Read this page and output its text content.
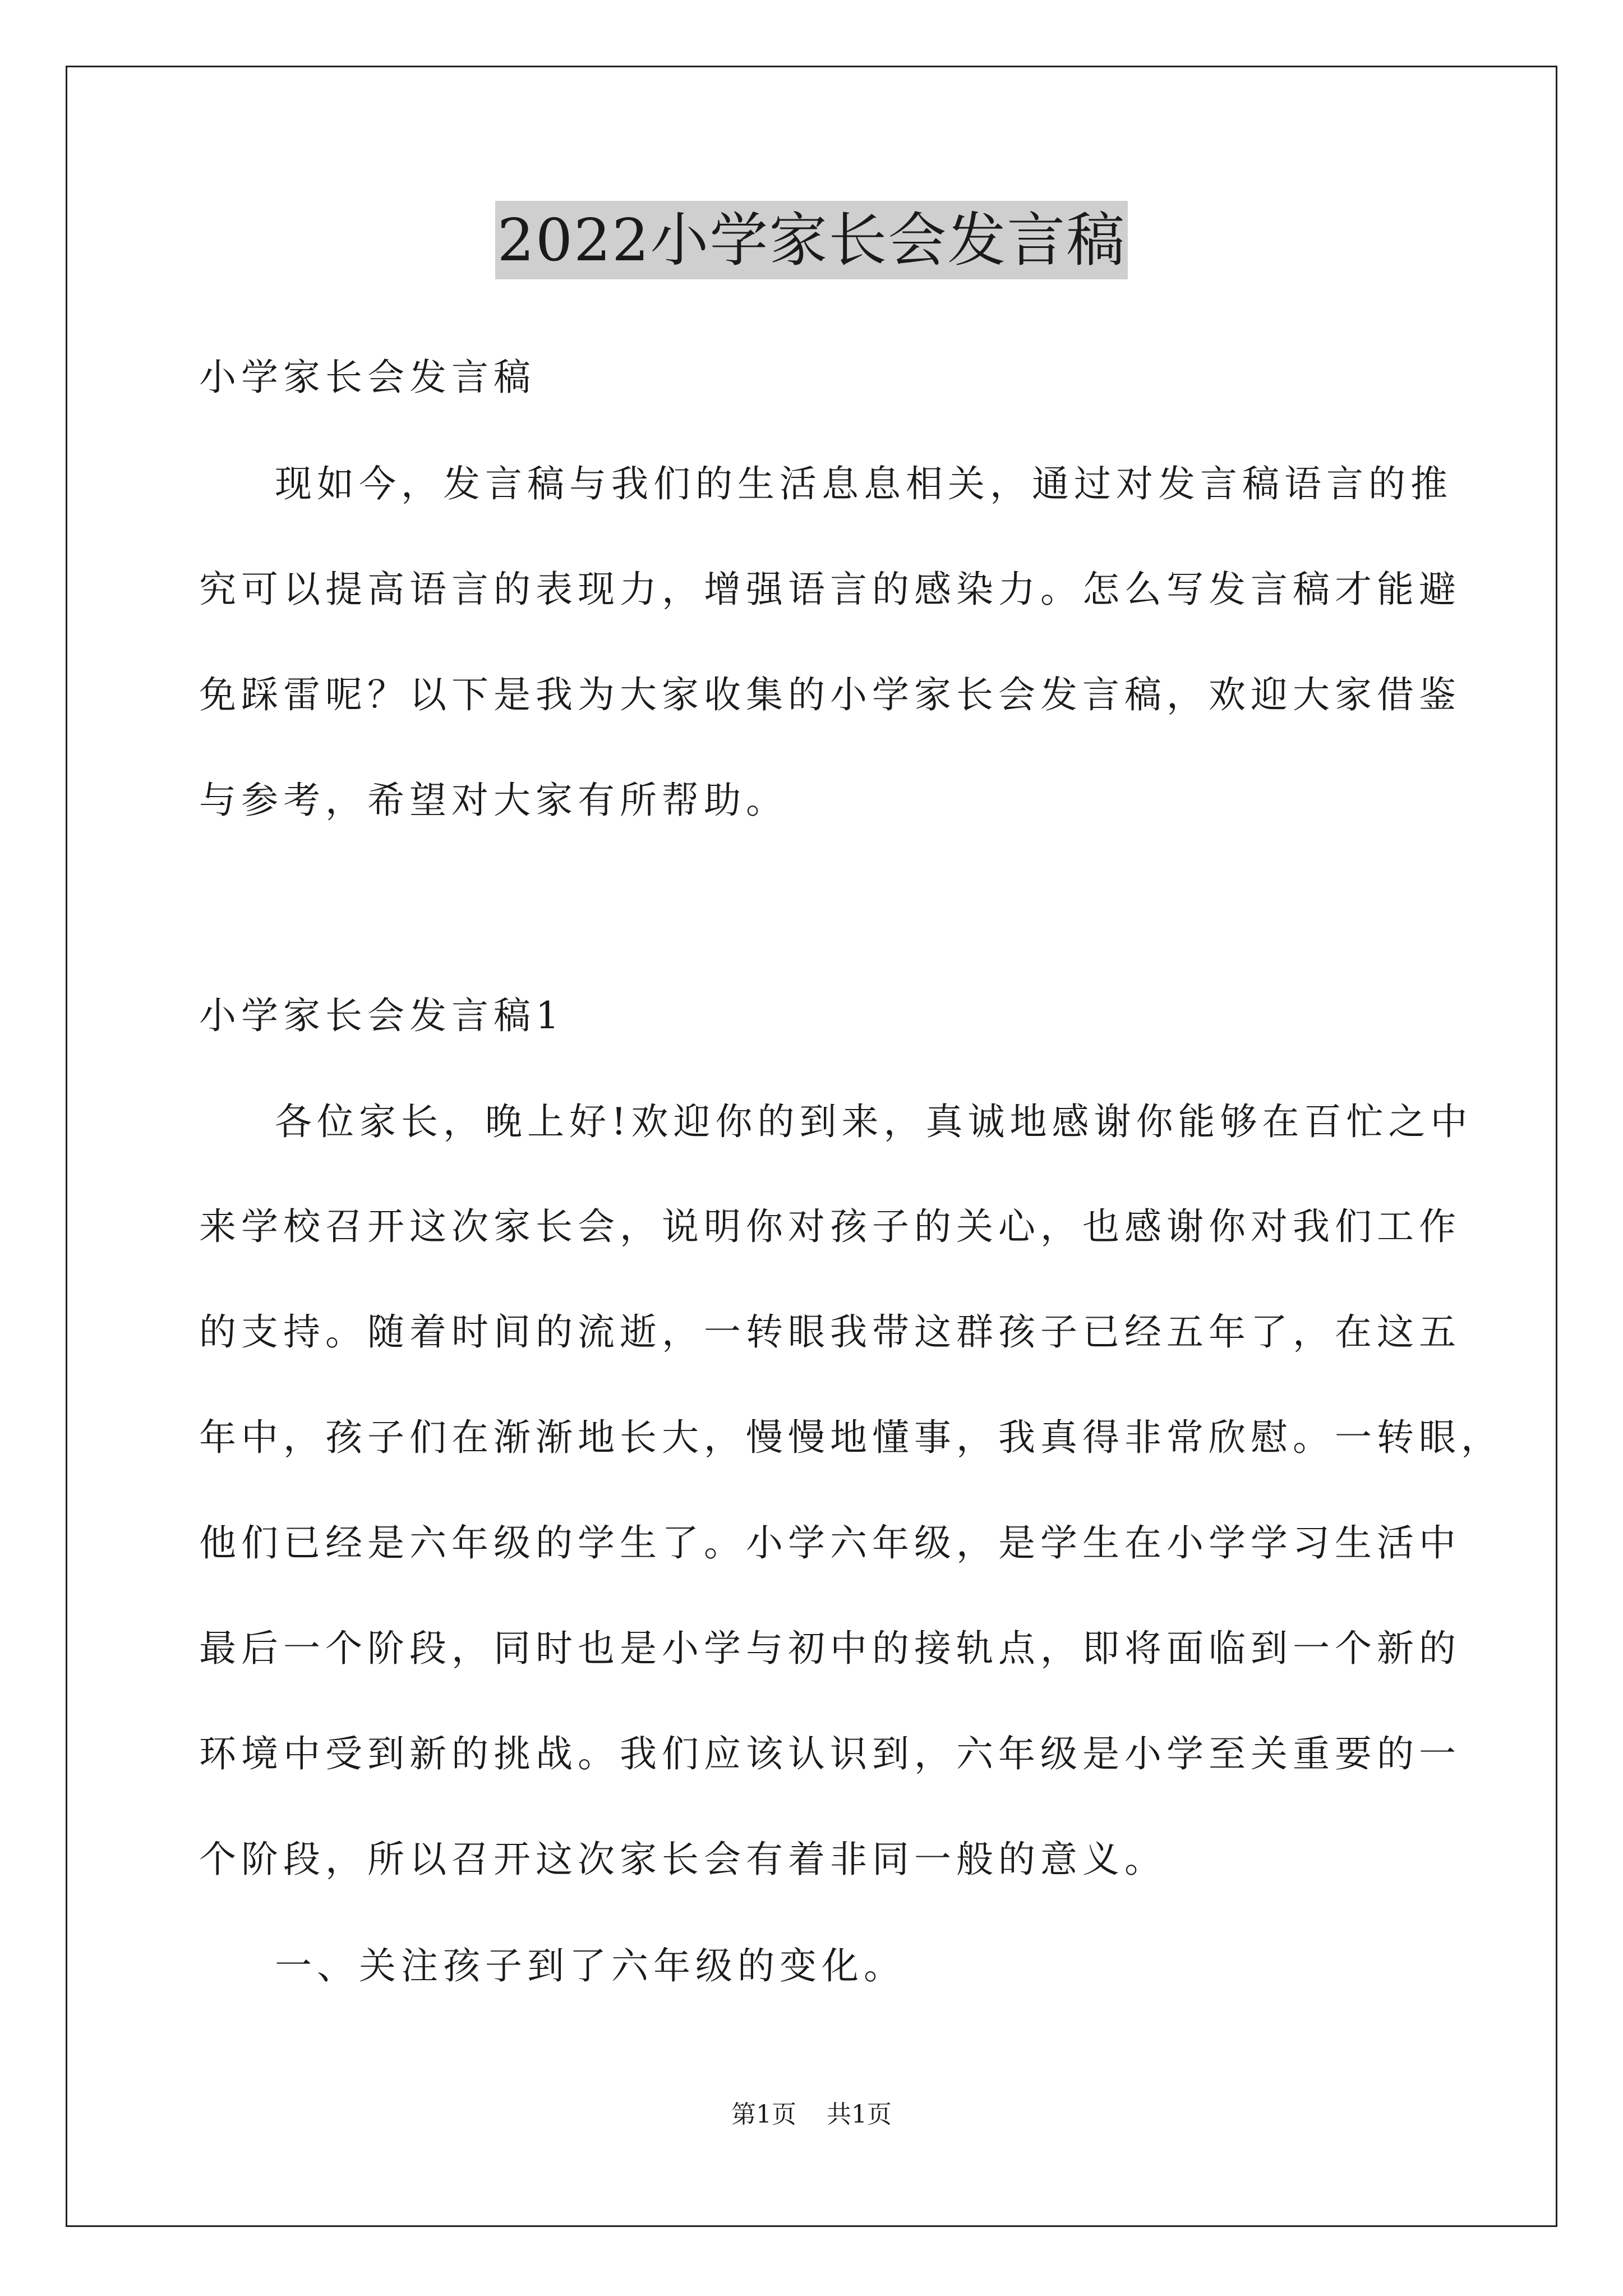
2022小学家长会发言稿
小学家长会发言稿
现如今，发言稿与我们的生活息息相关，通过对发言稿语言的推
究可以提高语言的表现力，增强语言的感染力。怎么写发言稿才能避
免踩雷呢？以下是我为大家收集的小学家长会发言稿，欢迎大家借鉴
与参考，希望对大家有所帮助。
小学家长会发言稿1
各位家长，晚上好!欢迎你的到来，真诚地感谢你能够在百忙之中
来学校召开这次家长会，说明你对孩子的关心，也感谢你对我们工作
的支持。随着时间的流逝，一转眼我带这群孩子已经五年了，在这五
年中，孩子们在渐渐地长大，慢慢地懂事，我真得非常欣慰。一转眼，
他们已经是六年级的学生了。小学六年级，是学生在小学学习生活中
最后一个阶段，同时也是小学与初中的接轨点，即将面临到一个新的
环境中受到新的挑战。我们应该认识到，六年级是小学至关重要的一
个阶段，所以召开这次家长会有着非同一般的意义。
一、关注孩子到了六年级的变化。
第1页 共1页
